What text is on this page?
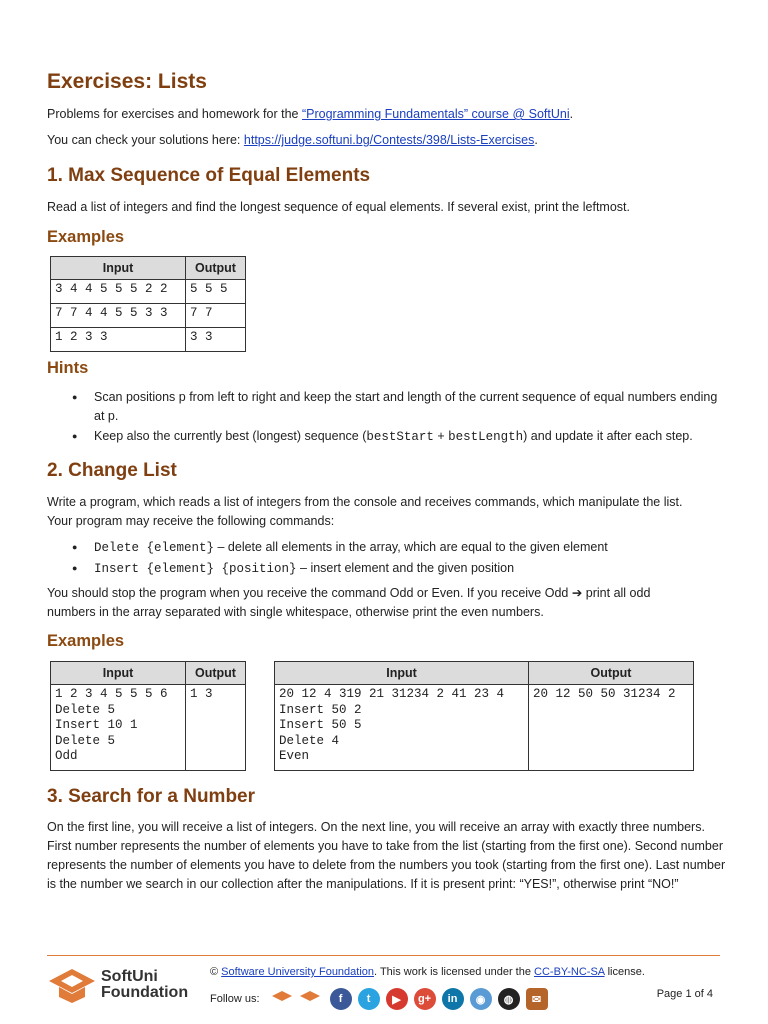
Exercises: Lists

Problems for exercises and homework for the “Programming Fundamentals” course @ SoftUni.

You can check your solutions here: https://judge.softuni.bg/Contests/398/Lists-Exercises.

1. Max Sequence of Equal Elements

Read a list of integers and find the longest sequence of equal elements. If several exist, print the leftmost.

Examples
Input	Output
3 4 4 5 5 5 2 2	5 5 5
7 7 4 4 5 5 3 3	7 7
1 2 3 3	3 3
Hints
● Scan positions p from left to right and keep the start and length of the current sequence of equal numbers ending at p.
● Keep also the currently best (longest) sequence (bestStart + bestLength) and update it after each step.
2. Change List

Write a program, which reads a list of integers from the console and receives commands, which manipulate the list.

Your program may receive the following commands:

● Delete {element} – delete all elements in the array, which are equal to the given element
● Insert {element} {position} – insert element and the given position

You should stop the program when you receive the command Odd or Even. If you receive Odd ➔ print all odd

numbers in the array separated with single whitespace, otherwise print the even numbers.

Examples
Input	Output
1 2 3 4 5 5 5 6
Delete 5
Insert 10 1
Delete 5
Odd	1 3
Input	Output
20 12 4 319 21 31234 2 41 23 4
Insert 50 2
Insert 50 5
Delete 4
Even	20 12 50 50 31234 2
3. Search for a Number

On the first line, you will receive a list of integers. On the next line, you will receive an array with exactly three numbers. First number represents the number of elements you have to take from the list (starting from the first one). Second number represents the number of elements you have to delete from the numbers you took (starting from the first one). Last number is the number we search in our collection after the manipulations. If it is present print: “YES!”, otherwise print “NO!”

SoftUni
Foundation
© Software University Foundation. This work is licensed under the CC-BY-NC-SA license.
Follow us:	f	t	▶	g+	in	◉	◍	✉	Page 1 of 4
